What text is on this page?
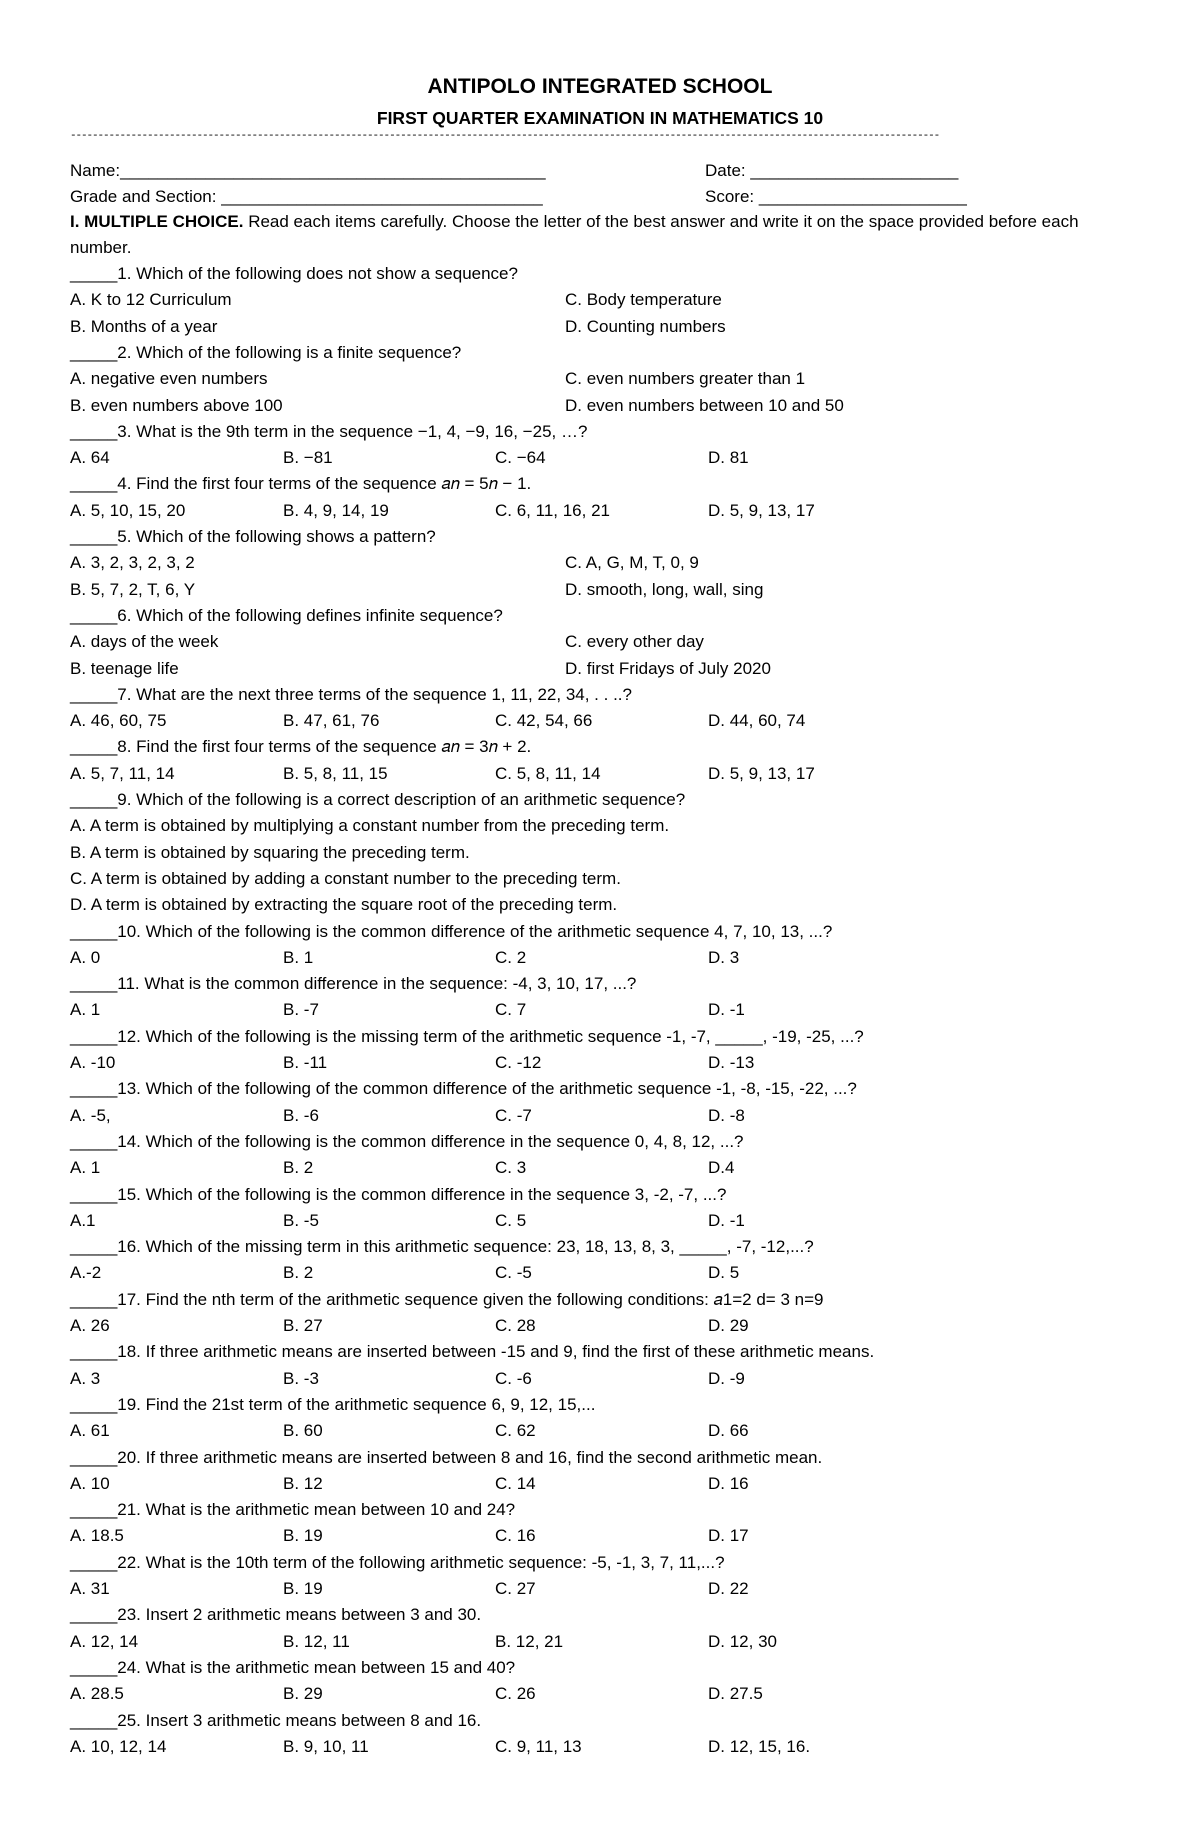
ANTIPOLO INTEGRATED SCHOOL
FIRST QUARTER EXAMINATION IN MATHEMATICS 10
--------------------------------------------------------------------------------------------------------------------------------------------------------------
Name:_____________________________________________	Date: ______________________
Grade and Section: __________________________________	Score: ______________________
I. MULTIPLE CHOICE. Read each items carefully. Choose the letter of the best answer and write it on the space provided before each number.
_____1. Which of the following does not show a sequence?
A. K to 12 Curriculum	C. Body temperature
B. Months of a year	D. Counting numbers
_____2. Which of the following is a finite sequence?
A. negative even numbers	C. even numbers greater than 1
B. even numbers above 100	D. even numbers between 10 and 50
_____3. What is the 9th term in the sequence −1, 4, −9, 16, −25, …?
A. 64	B. −81	C. −64	D. 81
_____4. Find the first four terms of the sequence 𝑎𝑛 = 5𝑛 − 1.
A. 5, 10, 15, 20	B. 4, 9, 14, 19	C. 6, 11, 16, 21	D. 5, 9, 13, 17
_____5. Which of the following shows a pattern?
A. 3, 2, 3, 2, 3, 2	C. A, G, M, T, 0, 9
B. 5, 7, 2, T, 6, Y	D. smooth, long, wall, sing
_____6. Which of the following defines infinite sequence?
A. days of the week	C. every other day
B. teenage life	D. first Fridays of July 2020
_____7. What are the next three terms of the sequence 1, 11, 22, 34, . . ..?
A. 46, 60, 75	B. 47, 61, 76	C. 42, 54, 66	D. 44, 60, 74
_____8. Find the first four terms of the sequence 𝑎𝑛 = 3𝑛 + 2.
A. 5, 7, 11, 14	B. 5, 8, 11, 15	C. 5, 8, 11, 14	D. 5, 9, 13, 17
_____9. Which of the following is a correct description of an arithmetic sequence?
A. A term is obtained by multiplying a constant number from the preceding term.
B. A term is obtained by squaring the preceding term.
C. A term is obtained by adding a constant number to the preceding term.
D. A term is obtained by extracting the square root of the preceding term.
_____10. Which of the following is the common difference of the arithmetic sequence 4, 7, 10, 13, ...?
A. 0	B. 1	C. 2	D. 3
_____11. What is the common difference in the sequence: -4, 3, 10, 17, ...?
A. 1	B. -7	C. 7	D. -1
_____12. Which of the following is the missing term of the arithmetic sequence -1, -7, _____, -19, -25, ...?
A. -10	B. -11	C. -12	D. -13
_____13. Which of the following of the common difference of the arithmetic sequence -1, -8, -15, -22, ...?
A. -5,	B. -6	C. -7	D. -8
_____14. Which of the following is the common difference in the sequence 0, 4, 8, 12, ...?
A. 1	B. 2	C. 3	D.4
_____15. Which of the following is the common difference in the sequence 3, -2, -7, ...?
A.1	B. -5	C. 5	D. -1
_____16. Which of the missing term in this arithmetic sequence: 23, 18, 13, 8, 3, _____, -7, -12,...?
A.-2	B. 2	C. -5	D. 5
_____17. Find the nth term of the arithmetic sequence given the following conditions: 𝑎1=2 d= 3 n=9
A. 26	B. 27	C. 28	D. 29
_____18. If three arithmetic means are inserted between -15 and 9, find the first of these arithmetic means.
A. 3	B. -3	C. -6	D. -9
_____19. Find the 21st term of the arithmetic sequence 6, 9, 12, 15,...
A. 61	B. 60	C. 62	D. 66
_____20. If three arithmetic means are inserted between 8 and 16, find the second arithmetic mean.
A. 10	B. 12	C. 14	D. 16
_____21. What is the arithmetic mean between 10 and 24?
A. 18.5	B. 19	C. 16	D. 17
_____22. What is the 10th term of the following arithmetic sequence: -5, -1, 3, 7, 11,...?
A. 31	B. 19	C. 27	D. 22
_____23. Insert 2 arithmetic means between 3 and 30.
A. 12, 14	B. 12, 11	B. 12, 21	D. 12, 30
_____24. What is the arithmetic mean between 15 and 40?
A. 28.5	B. 29	C. 26	D. 27.5
_____25. Insert 3 arithmetic means between 8 and 16.
A. 10, 12, 14	B. 9, 10, 11	C. 9, 11, 13	D. 12, 15, 16.
